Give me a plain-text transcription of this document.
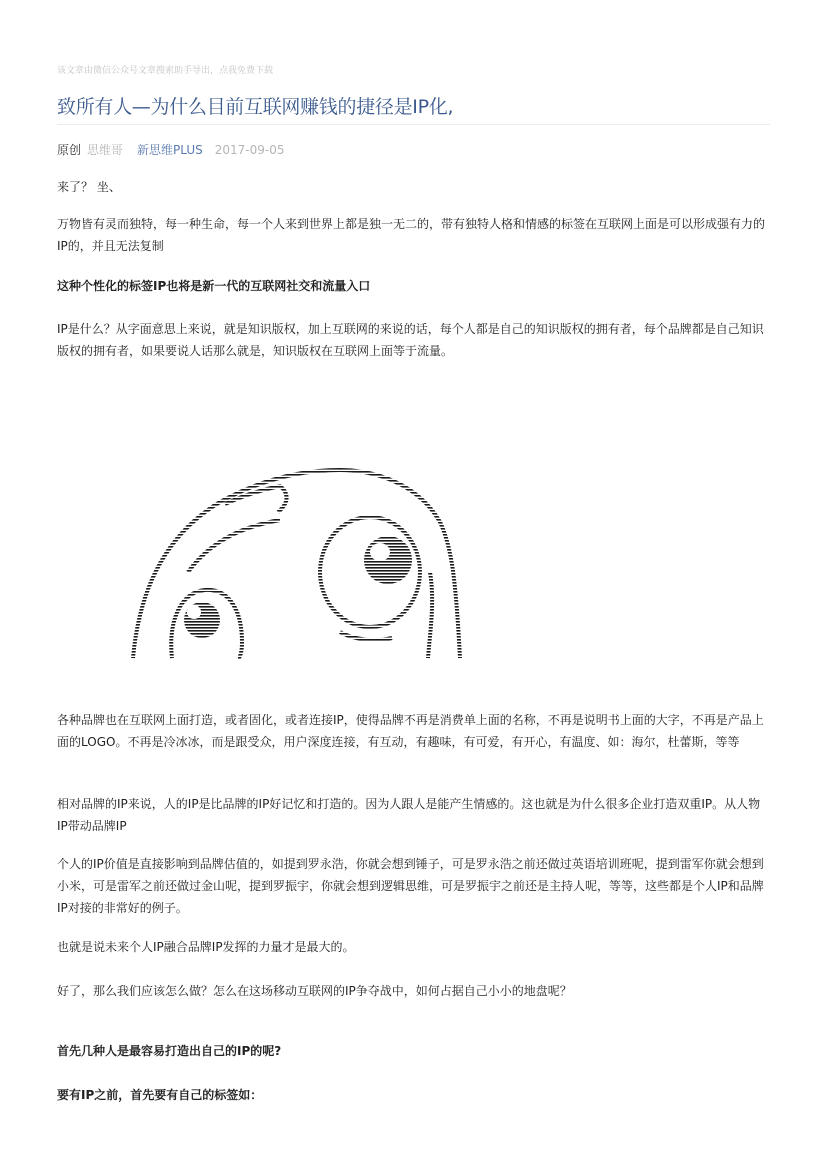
该文章由微信公众号文章搜索助手导出，点我免费下载
致所有人—为什么目前互联网赚钱的捷径是IP化,
原创 思维哥 新思维PLUS 2017-09-05
来了？ 坐、
万物皆有灵而独特，每一种生命，每一个人来到世界上都是独一无二的，带有独特人格和情感的标签在互联网上面是可以形成强有力的IP的，并且无法复制
这种个性化的标签IP也将是新一代的互联网社交和流量入口
IP是什么？从字面意思上来说，就是知识版权，加上互联网的来说的话，每个人都是自己的知识版权的拥有者，每个品牌都是自己知识版权的拥有者，如果要说人话那么就是，知识版权在互联网上面等于流量。
各种品牌也在互联网上面打造，或者固化，或者连接IP，使得品牌不再是消费单上面的名称，不再是说明书上面的大字，不再是产品上面的LOGO。不再是冷冰冰，而是跟受众，用户深度连接，有互动，有趣味，有可爱，有开心，有温度、如：海尔，杜蕾斯，等等
相对品牌的IP来说，人的IP是比品牌的IP好记忆和打造的。因为人跟人是能产生情感的。这也就是为什么很多企业打造双重IP。从人物IP带动品牌IP
个人的IP价值是直接影响到品牌估值的，如提到罗永浩，你就会想到锤子，可是罗永浩之前还做过英语培训班呢，提到雷军你就会想到小米，可是雷军之前还做过金山呢，提到罗振宇，你就会想到逻辑思维，可是罗振宇之前还是主持人呢，等等，这些都是个人IP和品牌IP对接的非常好的例子。
也就是说未来个人IP融合品牌IP发挥的力量才是最大的。
好了，那么我们应该怎么做？怎么在这场移动互联网的IP争夺战中，如何占据自己小小的地盘呢？
首先几种人是最容易打造出自己的IP的呢?
要有IP之前，首先要有自己的标签如：
